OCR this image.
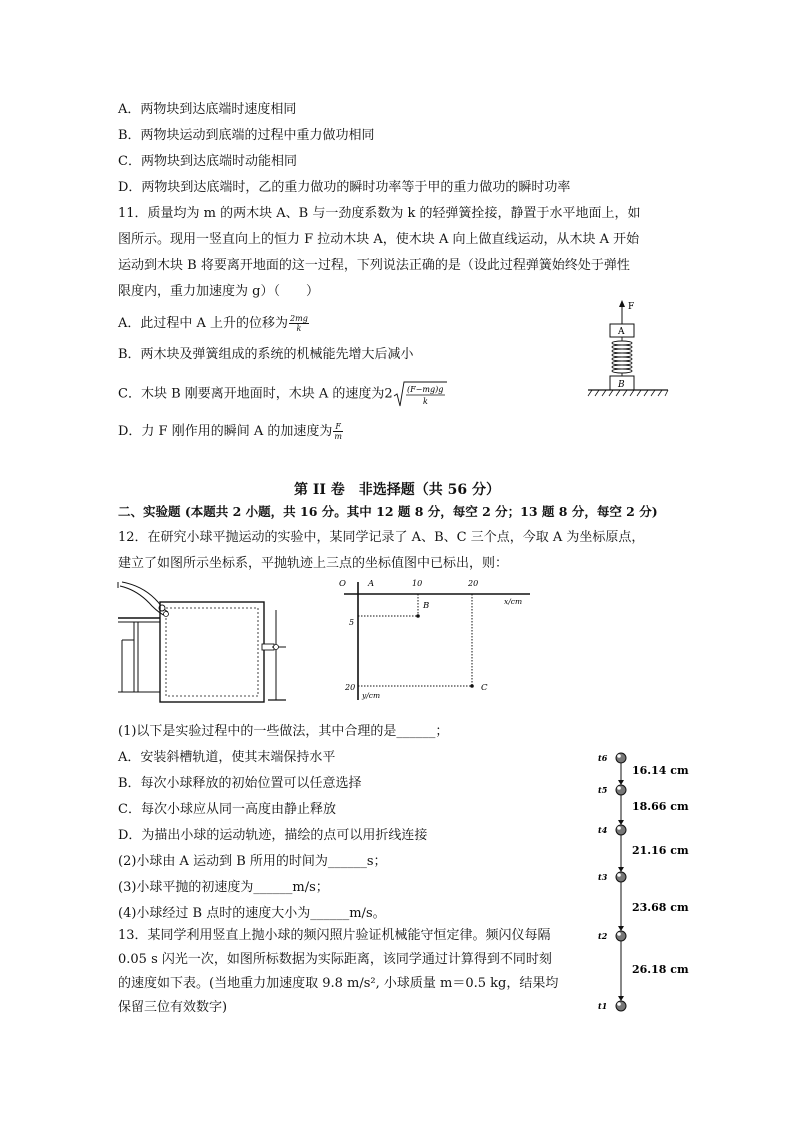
A．两物块到达底端时速度相同
B．两物块运动到底端的过程中重力做功相同
C．两物块到达底端时动能相同
D．两物块到达底端时，乙的重力做功的瞬时功率等于甲的重力做功的瞬时功率
11．质量均为 m 的两木块 A、B 与一劲度系数为 k 的轻弹簧拴接，静置于水平地面上，如
图所示。现用一竖直向上的恒力 F 拉动木块 A，使木块 A 向上做直线运动，从木块 A 开始
运动到木块 B 将要离开地面的这一过程，下列说法正确的是（设此过程弹簧始终处于弹性
限度内，重力加速度为 g）（　　）
A．此过程中 A 上升的位移为 $\frac{2mg}{k}$
B．两木块及弹簧组成的系统的机械能先增大后减小
C．木块 B 刚要离开地面时，木块 A 的速度为2 (F−mg)g
k
D．力 F 刚作用的瞬间 A 的加速度为 $\frac{F}{m}$
F
A
B
第 II 卷　非选择题（共 56 分）
二、实验题 (本题共 2 小题，共 16 分。其中 12 题 8 分，每空 2 分；13 题 8 分，每空 2 分)
12．在研究小球平抛运动的实验中，某同学记录了 A、B、C 三个点，今取 A 为坐标原点，
建立了如图所示坐标系，平抛轨迹上三点的坐标值图中已标出，则：
O	A	10	20
x/cm
B
C
5
20
y/cm
(1)以下是实验过程中的一些做法，其中合理的是______；
A．安装斜槽轨道，使其末端保持水平
B．每次小球释放的初始位置可以任意选择
C．每次小球应从同一高度由静止释放
D．为描出小球的运动轨迹，描绘的点可以用折线连接
(2)小球由 A 运动到 B 所用的时间为______s；
(3)小球平抛的初速度为______m/s；
(4)小球经过 B 点时的速度大小为______m/s。
13．某同学利用竖直上抛小球的频闪照片验证机械能守恒定律。频闪仪每隔
0.05 s 闪光一次，如图所标数据为实际距离，该同学通过计算得到不同时刻
的速度如下表。(当地重力加速度取 9.8 m/s², 小球质量 m＝0.5 kg，结果均
保留三位有效数字)
t6
t5
t4
t3
t2
t1
16.14 cm
18.66 cm
21.16 cm
23.68 cm
26.18 cm
